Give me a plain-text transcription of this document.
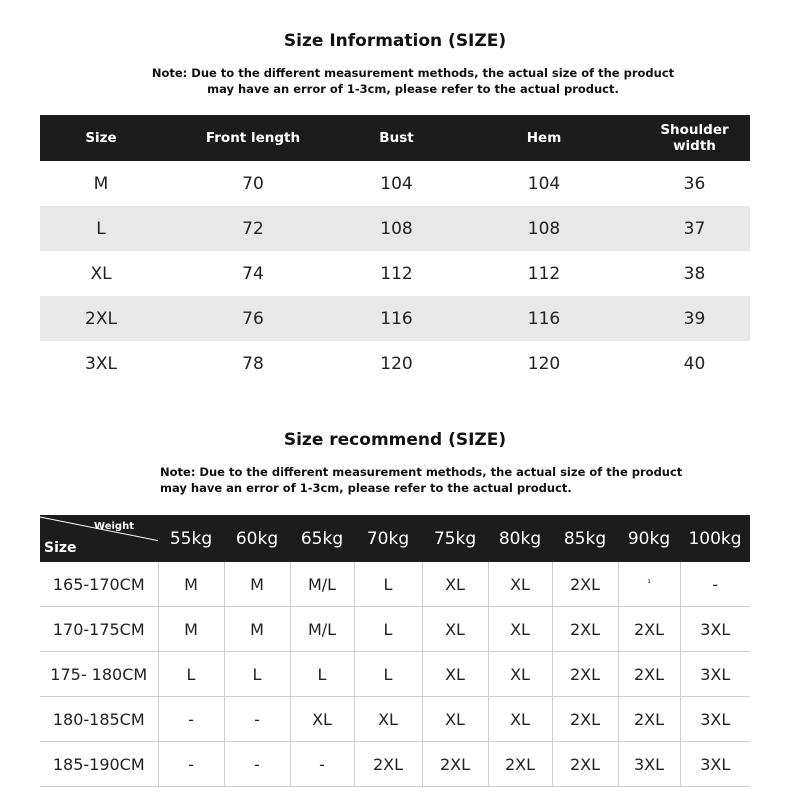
Size Information (SIZE)
Note: Due to the different measurement methods, the actual size of the product
may have an error of 1-3cm, please refer to the actual product.
Size	Front length	Bust	Hem	Shoulder width
M	70	104	104	36
L	72	108	108	37
XL	74	112	112	38
2XL	76	116	116	39
3XL	78	120	120	40
Size recommend (SIZE)
Note: Due to the different measurement methods, the actual size of the product
may have an error of 1-3cm, please refer to the actual product.
Weight
Size	55kg	60kg	65kg	70kg	75kg	80kg	85kg	90kg	100kg
165-170CM	M	M	M/L	L	XL	XL	2XL	¹	-
170-175CM	M	M	M/L	L	XL	XL	2XL	2XL	3XL
175- 180CM	L	L	L	L	XL	XL	2XL	2XL	3XL
180-185CM	-	-	XL	XL	XL	XL	2XL	2XL	3XL
185-190CM	-	-	-	2XL	2XL	2XL	2XL	3XL	3XL
